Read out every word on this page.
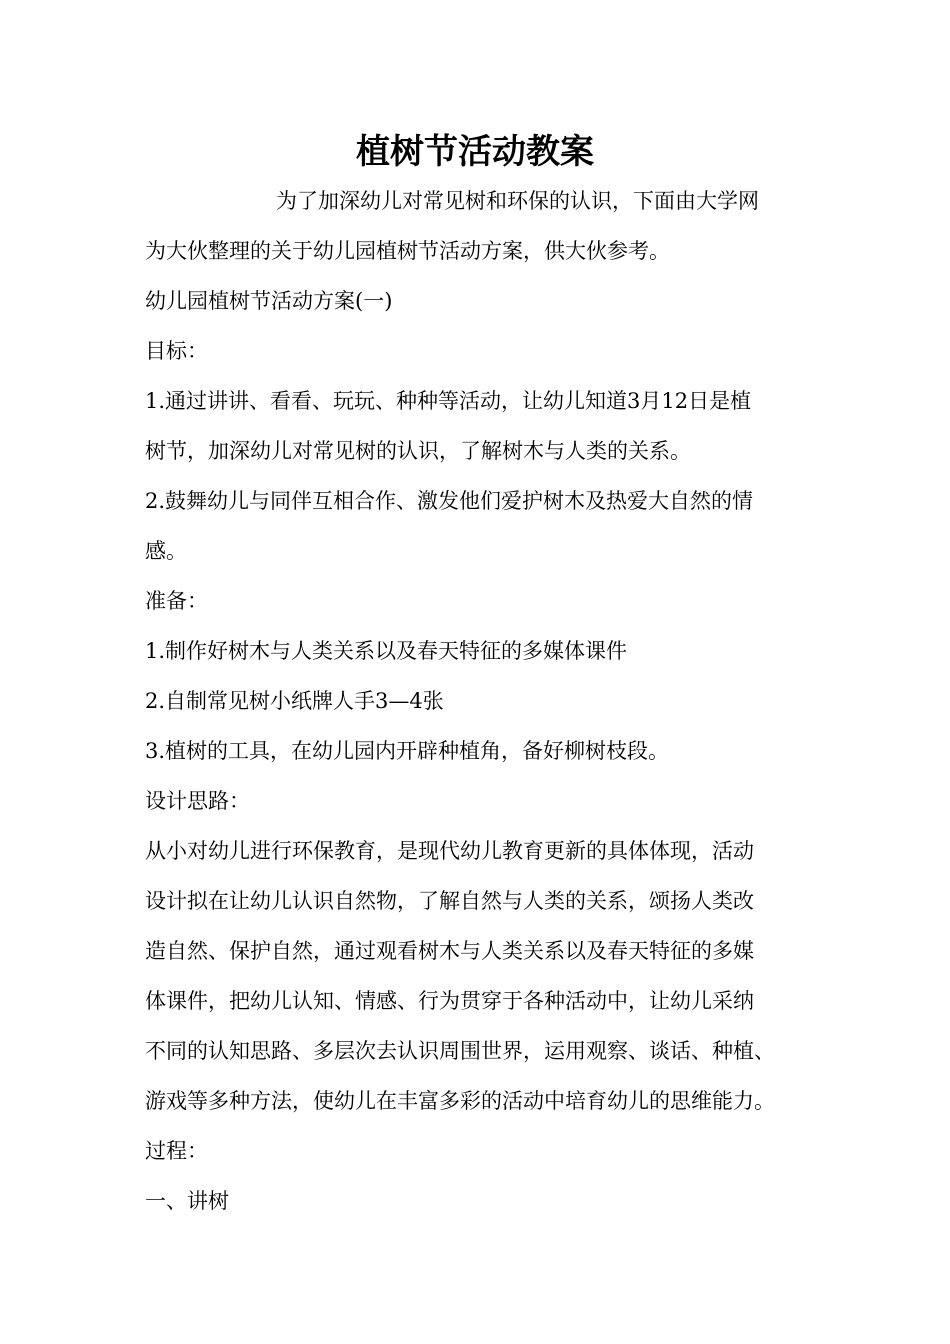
植树节活动教案
为了加深幼儿对常见树和环保的认识，下面由大学网
为大伙整理的关于幼儿园植树节活动方案，供大伙参考。
幼儿园植树节活动方案(一)
目标：
1.通过讲讲、看看、玩玩、种种等活动，让幼儿知道3月12日是植
树节，加深幼儿对常见树的认识，了解树木与人类的关系。
2.鼓舞幼儿与同伴互相合作、激发他们爱护树木及热爱大自然的情
感。
准备：
1.制作好树木与人类关系以及春天特征的多媒体课件
2.自制常见树小纸牌人手3—4张
3.植树的工具，在幼儿园内开辟种植角，备好柳树枝段。
设计思路：
从小对幼儿进行环保教育，是现代幼儿教育更新的具体体现，活动
设计拟在让幼儿认识自然物，了解自然与人类的关系，颂扬人类改
造自然、保护自然，通过观看树木与人类关系以及春天特征的多媒
体课件，把幼儿认知、情感、行为贯穿于各种活动中，让幼儿采纳
不同的认知思路、多层次去认识周围世界，运用观察、谈话、种植、
游戏等多种方法，使幼儿在丰富多彩的活动中培育幼儿的思维能力。
过程：
一、讲树
